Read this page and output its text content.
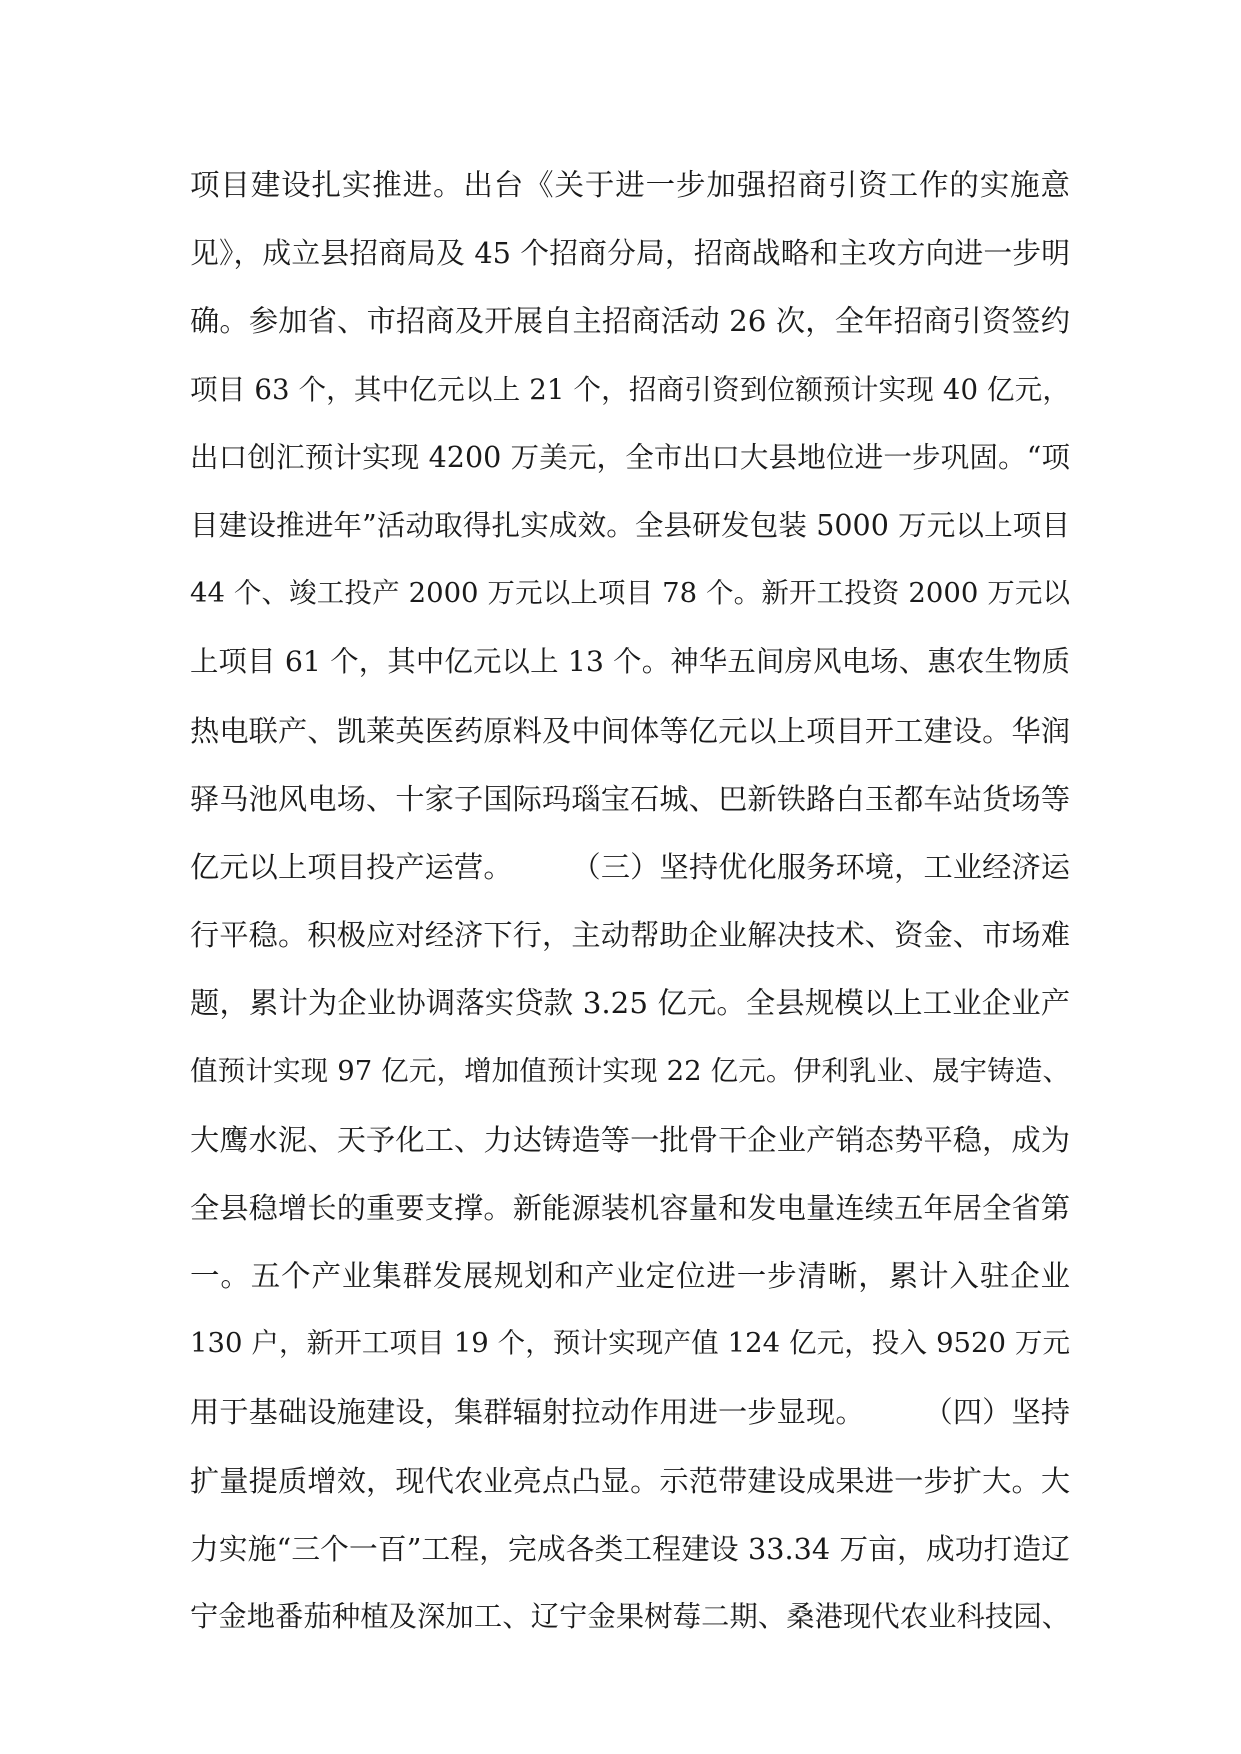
项目建设扎实推进。出台《关于进一步加强招商引资工作的实施意
见》，成立县招商局及 45 个招商分局，招商战略和主攻方向进一步明
确。参加省、市招商及开展自主招商活动 26 次，全年招商引资签约
项目 63 个，其中亿元以上 21 个，招商引资到位额预计实现 40 亿元，
出口创汇预计实现 4200 万美元，全市出口大县地位进一步巩固。“项
目建设推进年”活动取得扎实成效。全县研发包装 5000 万元以上项目
44 个、竣工投产 2000 万元以上项目 78 个。新开工投资 2000 万元以
上项目 61 个，其中亿元以上 13 个。神华五间房风电场、惠农生物质
热电联产、凯莱英医药原料及中间体等亿元以上项目开工建设。华润
驿马池风电场、十家子国际玛瑙宝石城、巴新铁路白玉都车站货场等
亿元以上项目投产运营。　　　（三）坚持优化服务环境，工业经济运
行平稳。积极应对经济下行，主动帮助企业解决技术、资金、市场难
题，累计为企业协调落实贷款 3.25 亿元。全县规模以上工业企业产
值预计实现 97 亿元，增加值预计实现 22 亿元。伊利乳业、晟宇铸造、
大鹰水泥、天予化工、力达铸造等一批骨干企业产销态势平稳，成为
全县稳增长的重要支撑。新能源装机容量和发电量连续五年居全省第
一。五个产业集群发展规划和产业定位进一步清晰，累计入驻企业
130 户，新开工项目 19 个，预计实现产值 124 亿元，投入 9520 万元
用于基础设施建设，集群辐射拉动作用进一步显现。　　　（四）坚持
扩量提质增效，现代农业亮点凸显。示范带建设成果进一步扩大。大
力实施“三个一百”工程，完成各类工程建设 33.34 万亩，成功打造辽
宁金地番茄种植及深加工、辽宁金果树莓二期、桑港现代农业科技园、
